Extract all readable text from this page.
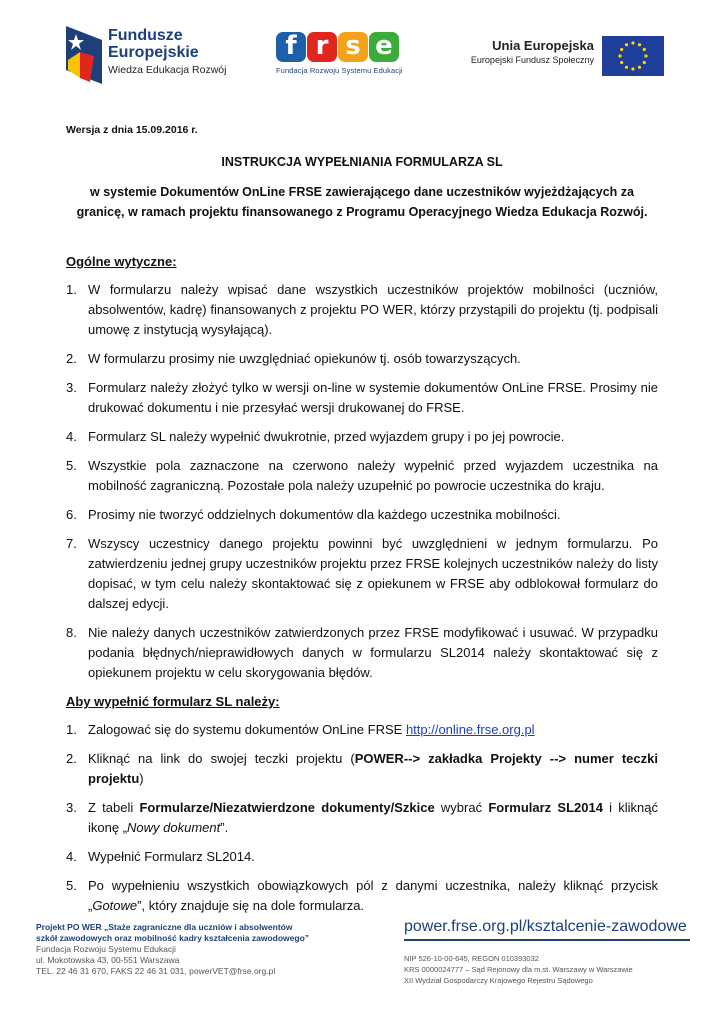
Fundusze
Europejskie
Wiedza Edukacja Rozwój
f r s e
Fundacja Rozwoju Systemu Edukacji
Unia Europejska
Europejski Fundusz Społeczny
Wersja z dnia 15.09.2016 r.
INSTRUKCJA WYPEŁNIANIA FORMULARZA SL
w systemie Dokumentów OnLine FRSE zawierającego dane uczestników wyjeżdżających za granicę, w ramach projektu finansowanego z Programu Operacyjnego Wiedza Edukacja Rozwój.
Ogólne wytyczne:
1. W formularzu należy wpisać dane wszystkich uczestników projektów mobilności (uczniów, absolwentów, kadrę) finansowanych z projektu PO WER, którzy przystąpili do projektu (tj. podpisali umowę z instytucją wysyłającą).
2. W formularzu prosimy nie uwzględniać opiekunów tj. osób towarzyszących.
3. Formularz należy złożyć tylko w wersji on-line w systemie dokumentów OnLine FRSE. Prosimy nie drukować dokumentu i nie przesyłać wersji drukowanej do FRSE.
4. Formularz SL należy wypełnić dwukrotnie, przed wyjazdem grupy i po jej powrocie.
5. Wszystkie pola zaznaczone na czerwono należy wypełnić przed wyjazdem uczestnika na mobilność zagraniczną. Pozostałe pola należy uzupełnić po powrocie uczestnika do kraju.
6. Prosimy nie tworzyć oddzielnych dokumentów dla każdego uczestnika mobilności.
7. Wszyscy uczestnicy danego projektu powinni być uwzględnieni w jednym formularzu. Po zatwierdzeniu jednej grupy uczestników projektu przez FRSE kolejnych uczestników należy do listy dopisać, w tym celu należy skontaktować się z opiekunem w FRSE aby odblokował formularz do dalszej edycji.
8. Nie należy danych uczestników zatwierdzonych przez FRSE modyfikować i usuwać. W przypadku podania błędnych/nieprawidłowych danych w formularzu SL2014 należy skontaktować się z opiekunem projektu w celu skorygowania błędów.
Aby wypełnić formularz SL należy:
1. Zalogować się do systemu dokumentów OnLine FRSE http://online.frse.org.pl
2. Kliknąć na link do swojej teczki projektu (POWER--> zakładka Projekty --> numer teczki projektu)
3. Z tabeli Formularze/Niezatwierdzone dokumenty/Szkice wybrać Formularz SL2014 i kliknąć ikonę „Nowy dokument”.
4. Wypełnić Formularz SL2014.
5. Po wypełnieniu wszystkich obowiązkowych pól z danymi uczestnika, należy kliknąć przycisk „Gotowe”, który znajduje się na dole formularza.
Projekt PO WER „Staże zagraniczne dla uczniów i absolwentów
szkół zawodowych oraz mobilność kadry kształcenia zawodowego”
Fundacja Rozwoju Systemu Edukacji
ul. Mokotowska 43, 00-551 Warszawa
TEL. 22 46 31 670, FAKS 22 46 31 031, powerVET@frse.org.pl
power.frse.org.pl/ksztalcenie-zawodowe
NIP 526-10-00-645, REGON 010393032
KRS 0000024777 – Sąd Rejonowy dla m.st. Warszawy w Warszawie
XII Wydział Gospodarczy Krajowego Rejestru Sądowego
